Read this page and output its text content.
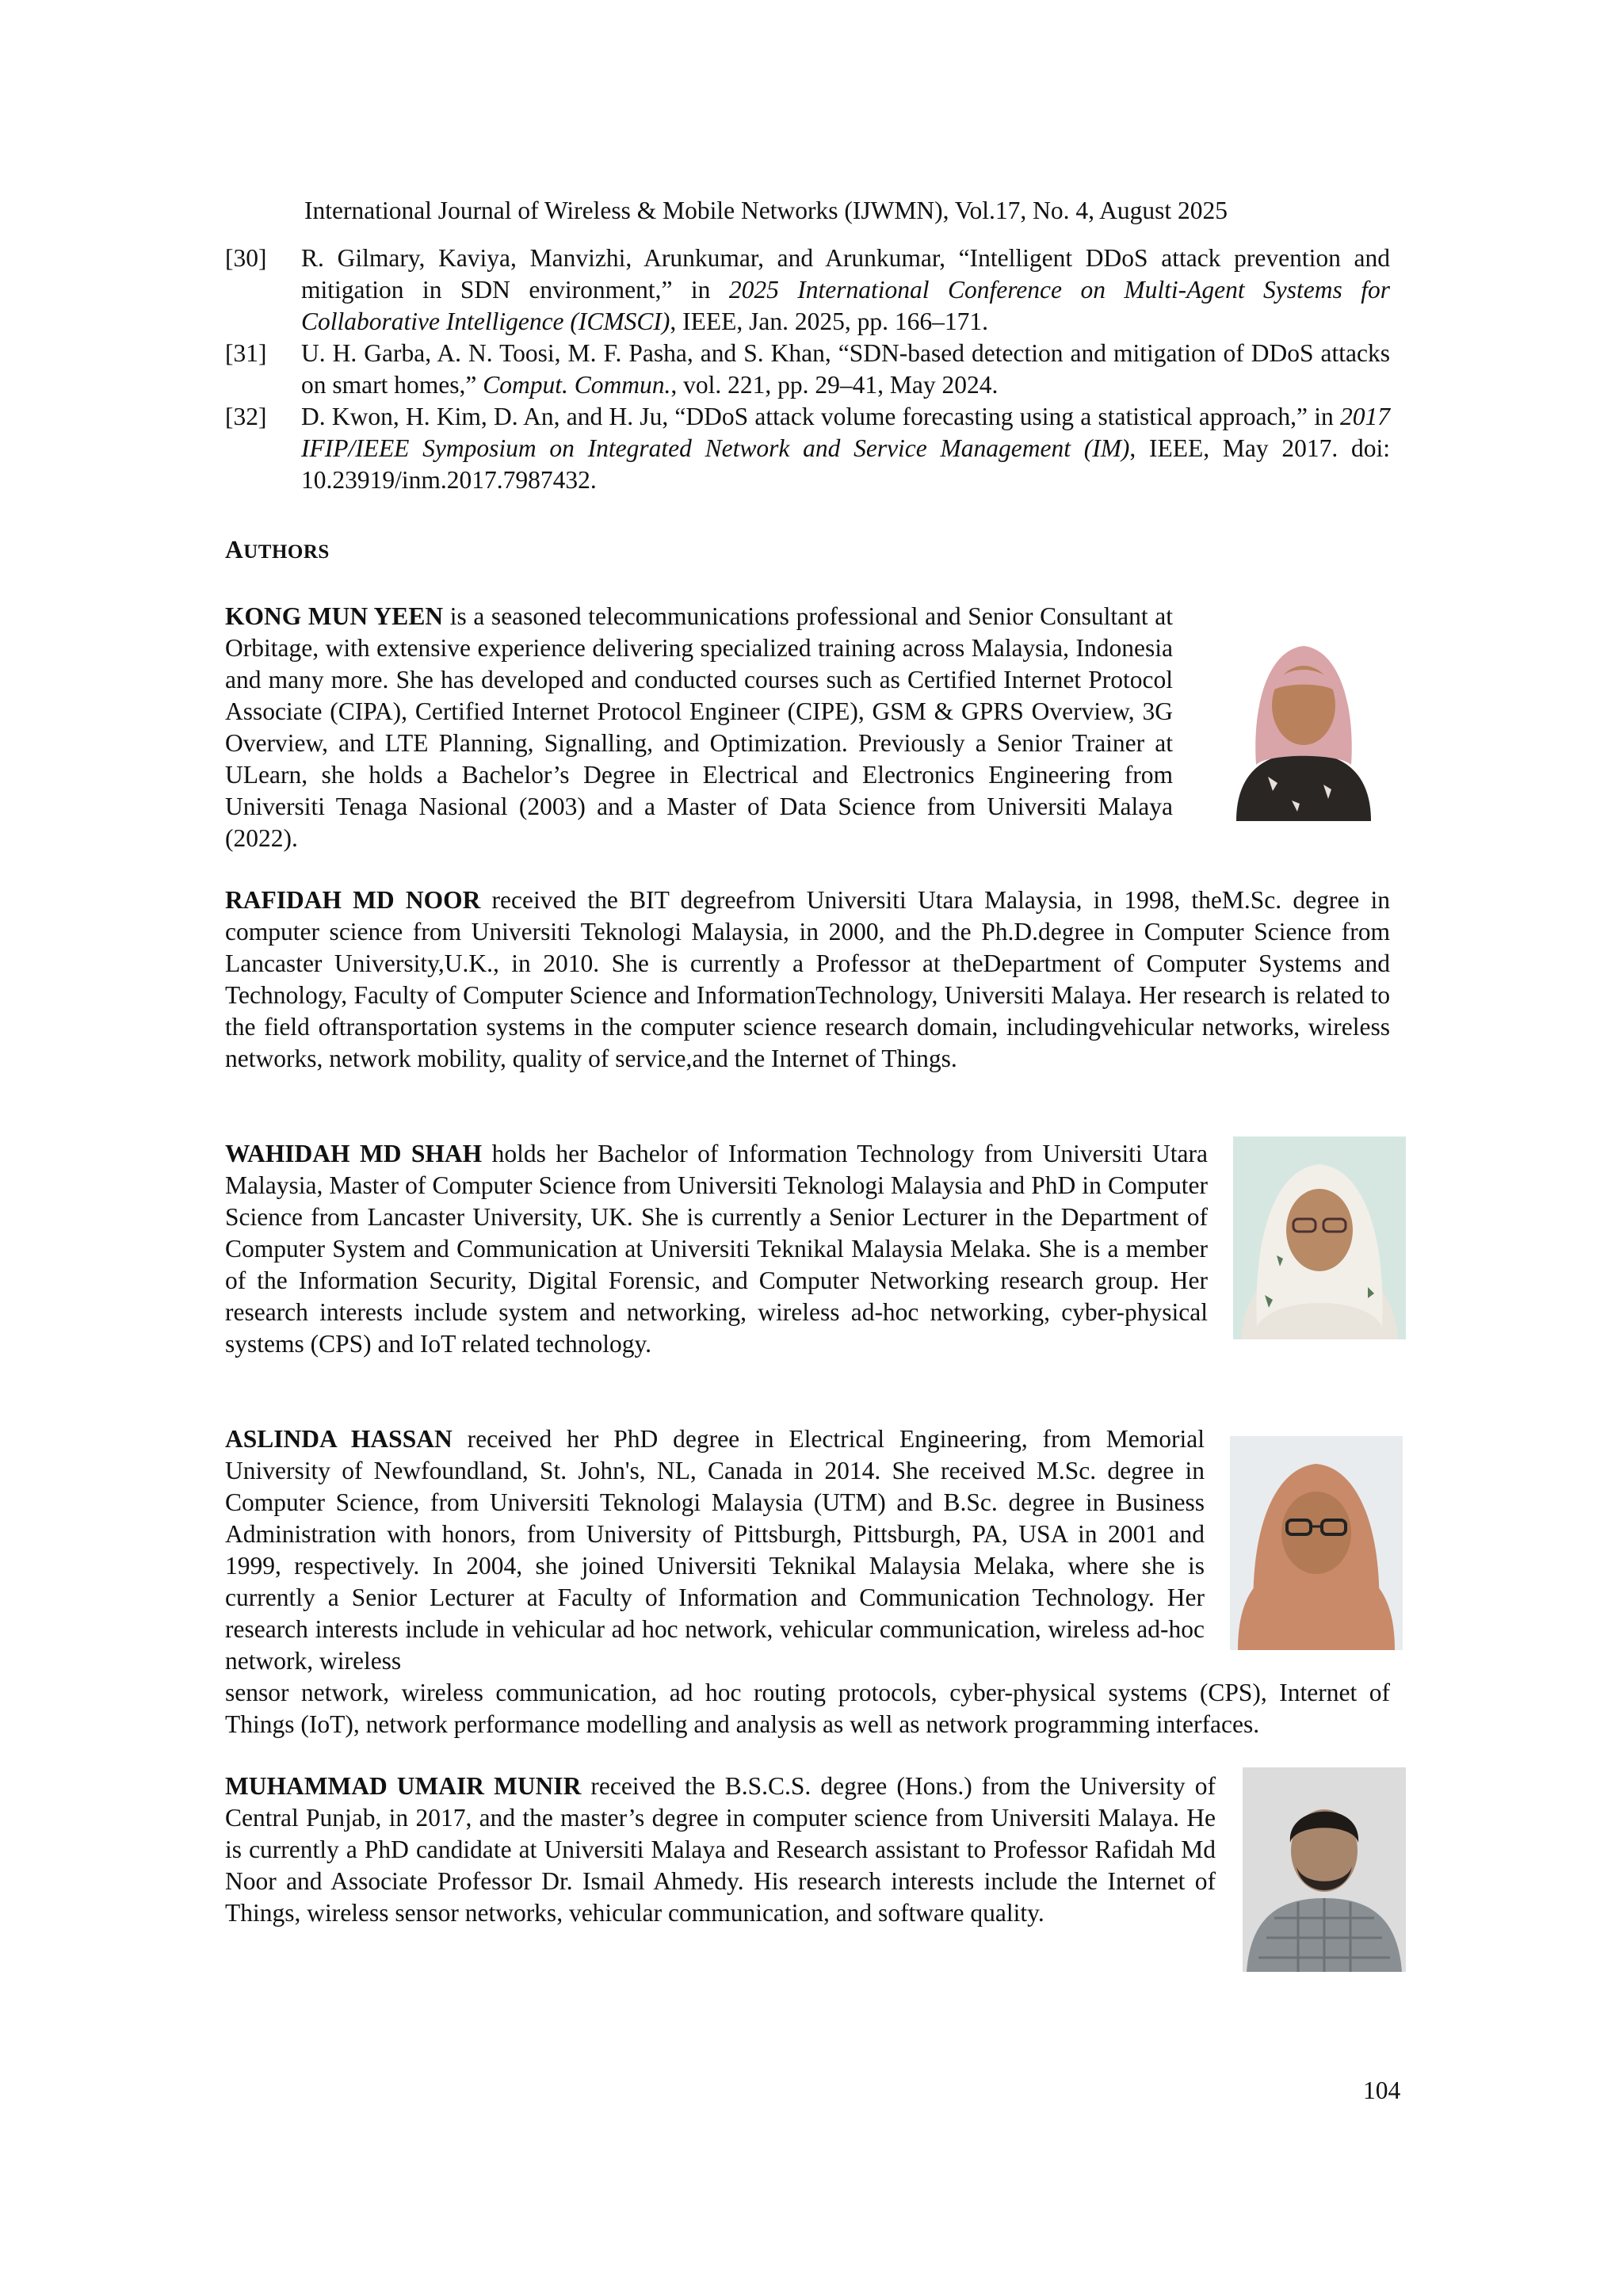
International Journal of Wireless & Mobile Networks (IJWMN), Vol.17, No. 4, August 2025
[30] R. Gilmary, Kaviya, Manvizhi, Arunkumar, and Arunkumar, “Intelligent DDoS attack prevention and mitigation in SDN environment,” in 2025 International Conference on Multi-Agent Systems for Collaborative Intelligence (ICMSCI), IEEE, Jan. 2025, pp. 166–171.
[31] U. H. Garba, A. N. Toosi, M. F. Pasha, and S. Khan, “SDN-based detection and mitigation of DDoS attacks on smart homes,” Comput. Commun., vol. 221, pp. 29–41, May 2024.
[32] D. Kwon, H. Kim, D. An, and H. Ju, “DDoS attack volume forecasting using a statistical approach,” in 2017 IFIP/IEEE Symposium on Integrated Network and Service Management (IM), IEEE, May 2017. doi: 10.23919/inm.2017.7987432.
AUTHORS
KONG MUN YEEN is a seasoned telecommunications professional and Senior Consultant at Orbitage, with extensive experience delivering specialized training across Malaysia, Indonesia and many more. She has developed and conducted courses such as Certified Internet Protocol Associate (CIPA), Certified Internet Protocol Engineer (CIPE), GSM & GPRS Overview, 3G Overview, and LTE Planning, Signalling, and Optimization. Previously a Senior Trainer at ULearn, she holds a Bachelor’s Degree in Electrical and Electronics Engineering from Universiti Tenaga Nasional (2003) and a Master of Data Science from Universiti Malaya (2022).
RAFIDAH MD NOOR received the BIT degreefrom Universiti Utara Malaysia, in 1998, theM.Sc. degree in computer science from Universiti Teknologi Malaysia, in 2000, and the Ph.D.degree in Computer Science from Lancaster University,U.K., in 2010. She is currently a Professor at theDepartment of Computer Systems and Technology, Faculty of Computer Science and InformationTechnology, Universiti Malaya. Her research is related to the field oftransportation systems in the computer science research domain, includingvehicular networks, wireless networks, network mobility, quality of service,and the Internet of Things.
WAHIDAH MD SHAH holds her Bachelor of Information Technology from Universiti Utara Malaysia, Master of Computer Science from Universiti Teknologi Malaysia and PhD in Computer Science from Lancaster University, UK. She is currently a Senior Lecturer in the Department of Computer System and Communication at Universiti Teknikal Malaysia Melaka. She is a member of the Information Security, Digital Forensic, and Computer Networking research group. Her research interests include system and networking, wireless ad-hoc networking, cyber-physical systems (CPS) and IoT related technology.
ASLINDA HASSAN received her PhD degree in Electrical Engineering, from Memorial University of Newfoundland, St. John's, NL, Canada in 2014. She received M.Sc. degree in Computer Science, from Universiti Teknologi Malaysia (UTM) and B.Sc. degree in Business Administration with honors, from University of Pittsburgh, Pittsburgh, PA, USA in 2001 and 1999, respectively. In 2004, she joined Universiti Teknikal Malaysia Melaka, where she is currently a Senior Lecturer at Faculty of Information and Communication Technology. Her research interests include in vehicular ad hoc network, vehicular communication, wireless ad-hoc network, wireless
sensor network, wireless communication, ad hoc routing protocols, cyber-physical systems (CPS), Internet of Things (IoT), network performance modelling and analysis as well as network programming interfaces.
MUHAMMAD UMAIR MUNIR received the B.S.C.S. degree (Hons.) from the University of Central Punjab, in 2017, and the master’s degree in computer science from Universiti Malaya. He is currently a PhD candidate at Universiti Malaya and Research assistant to Professor Rafidah Md Noor and Associate Professor Dr. Ismail Ahmedy. His research interests include the Internet of Things, wireless sensor networks, vehicular communication, and software quality.
104
